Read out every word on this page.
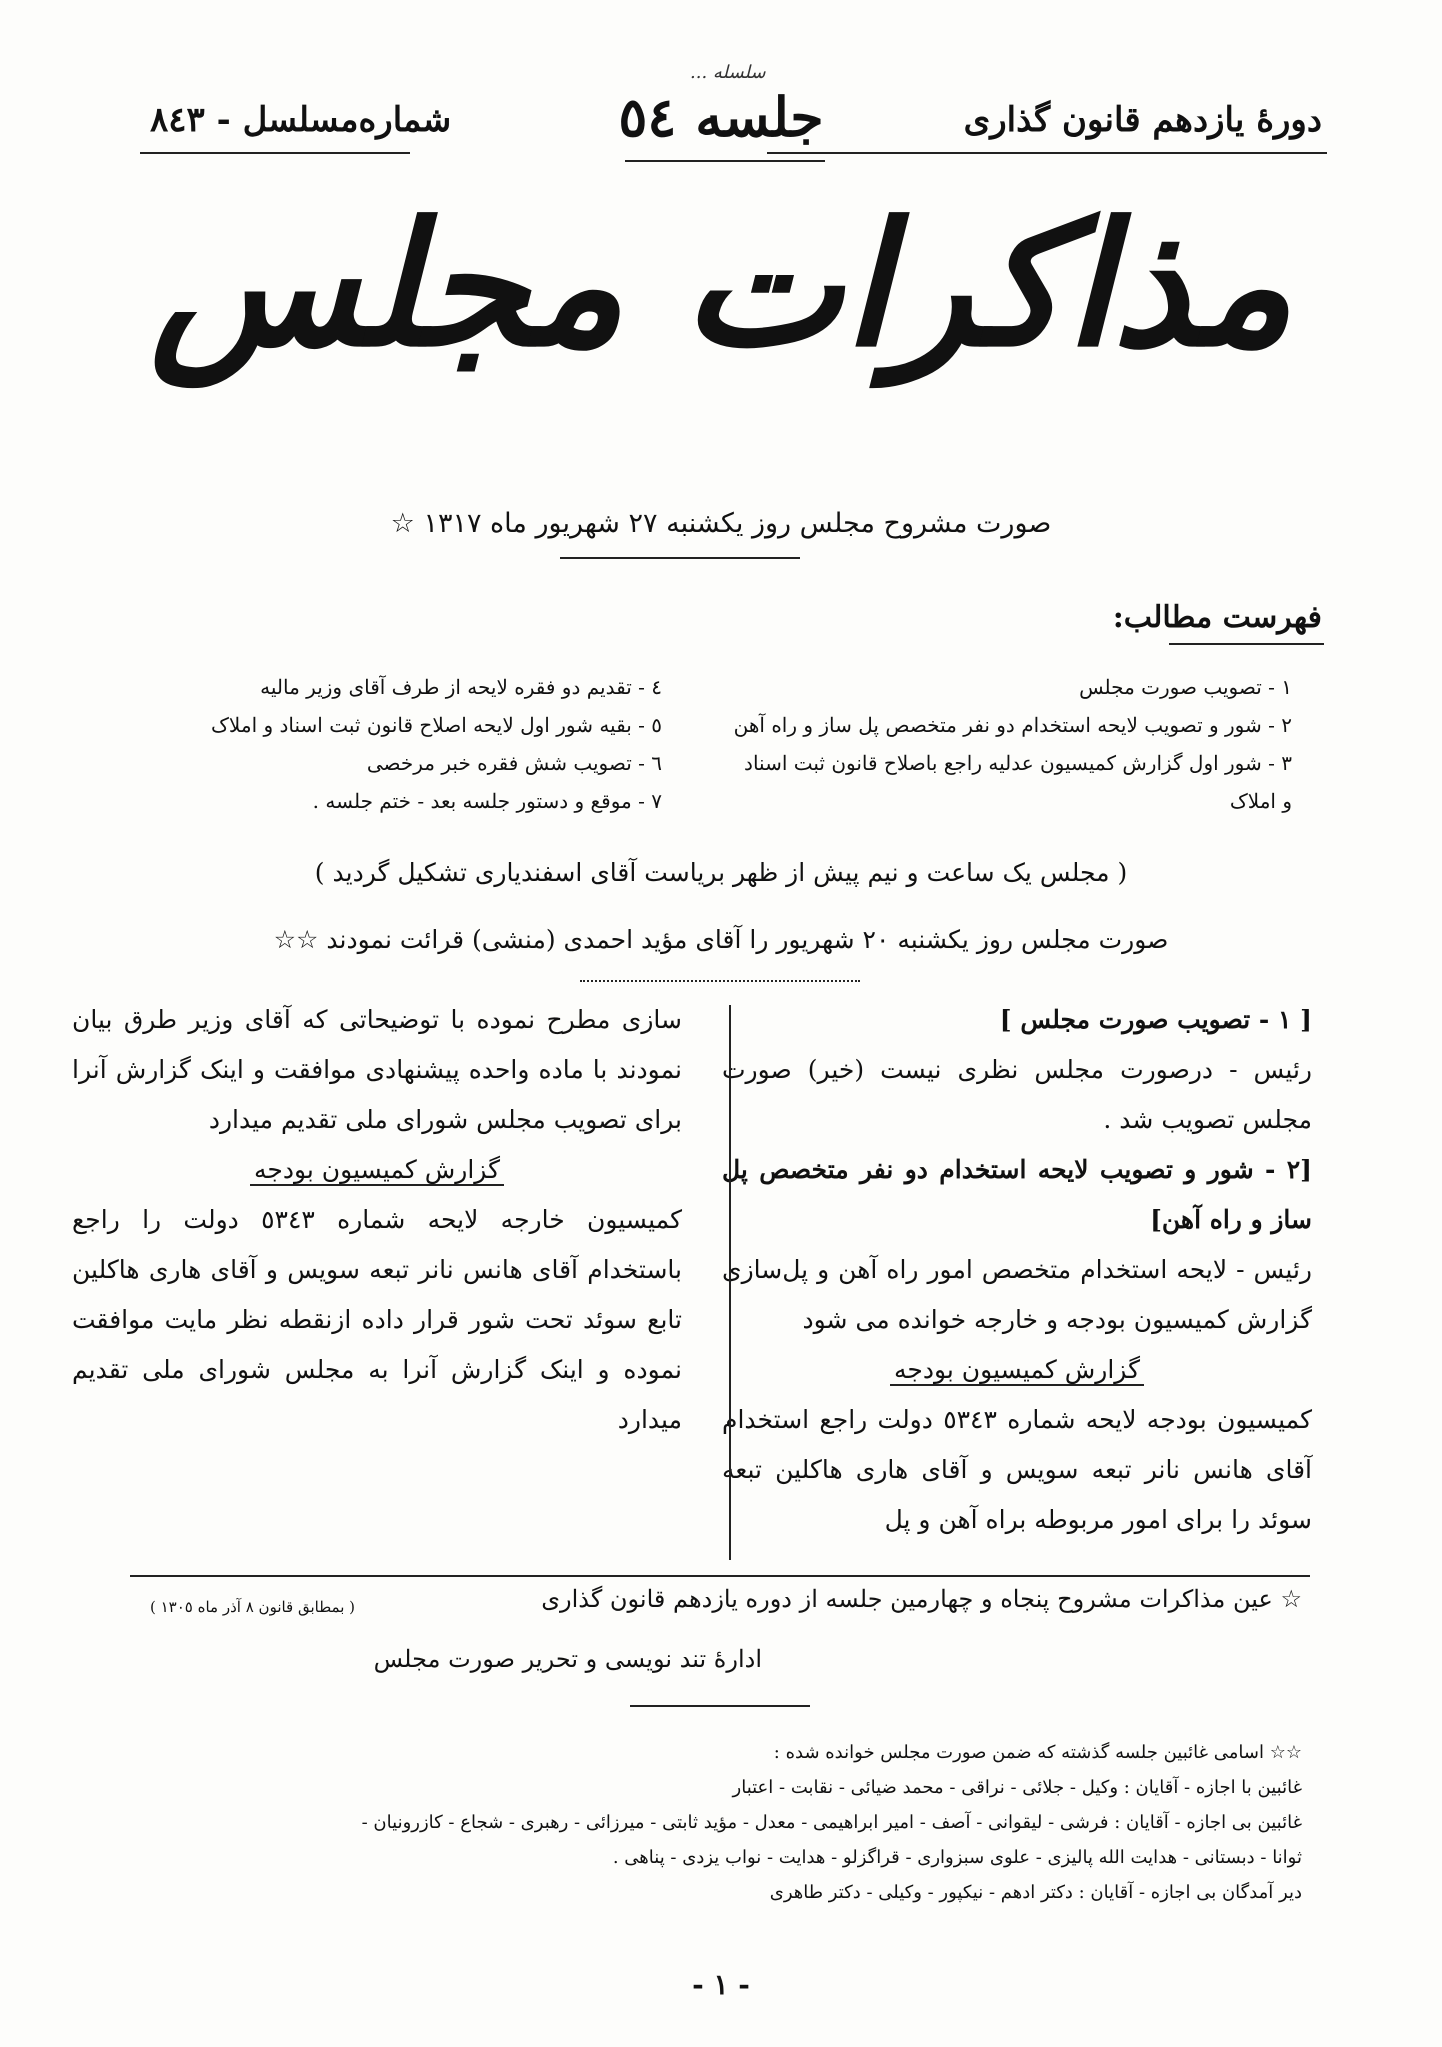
دورهٔ یازدهم قانون گذاری
جلسه ٥٤
سلسله ...
شماره‌مسلسل - ٨٤٣
مذاکرات مجلس
صورت مشروح مجلس روز یکشنبه ٢٧ شهریور ماه ١٣١٧ ☆
فهرست مطالب:
١ - تصویب صورت مجلس
٢ - شور و تصویب لایحه استخدام دو نفر متخصص پل ساز و راه آهن
٣ - شور اول گزارش کمیسیون عدلیه راجع باصلاح قانون ثبت اسناد
و املاک
٤ - تقدیم دو فقره لایحه از طرف آقای وزیر مالیه
٥ - بقیه شور اول لایحه اصلاح قانون ثبت اسناد و املاک
٦ - تصویب شش فقره خبر مرخصی
٧ - موقع و دستور جلسه بعد - ختم جلسه .
( مجلس یک ساعت و نیم پیش از ظهر بریاست آقای اسفندیاری تشکیل گردید )
صورت مجلس روز یکشنبه ٢٠ شهریور را آقای مؤید احمدی (منشی) قرائت نمودند ☆☆

[ ١ - تصویب صورت مجلس ]

رئیس - درصورت مجلس نظری نیست (خیر) صورت مجلس تصویب شد .

[٢ - شور و تصویب لایحه استخدام دو نفر متخصص پل ساز و راه آهن]

رئیس - لایحه استخدام متخصص امور راه آهن و پل‌سازی گزارش کمیسیون بودجه و خارجه خوانده می شود

گزارش کمیسیون بودجه

کمیسیون بودجه لایحه شماره ٥٣٤٣ دولت راجع استخدام آقای هانس نانر تبعه سویس و آقای هاری هاکلین تبعه سوئد را برای امور مربوطه براه آهن و پل

سازی مطرح نموده با توضیحاتی که آقای وزیر طرق بیان نمودند با ماده واحده پیشنهادی موافقت و اینک گزارش آنرا برای تصویب مجلس شورای ملی تقدیم میدارد

گزارش کمیسیون بودجه

کمیسیون خارجه لایحه شماره ٥٣٤٣ دولت را راجع باستخدام آقای هانس نانر تبعه سویس و آقای هاری هاکلین تابع سوئد تحت شور قرار داده ازنقطه نظر مایت موافقت نموده و اینک گزارش آنرا به مجلس شورای ملی تقدیم میدارد

☆ عین مذاکرات مشروح پنجاه و چهارمین جلسه از دوره یازدهم قانون گذاری
( بمطابق قانون ٨ آذر ماه ١٣٠٥ )
ادارهٔ تند نویسی و تحریر صورت مجلس

☆☆ اسامی غائبین جلسه گذشته که ضمن صورت مجلس خوانده شده :

غائبین با اجازه - آقایان : وکیل - جلائی - نراقی - محمد ضیائی - نقابت - اعتبار

غائبین بی اجازه - آقایان : فرشی - لیقوانی - آصف - امیر ابراهیمی - معدل - مؤید ثابتی - میرزائی - رهبری - شجاع - کازرونیان -

ثوانا - دبستانی - هدایت الله پالیزی - علوی سبزواری - قراگزلو - هدایت - نواب یزدی - پناهی .

دیر آمدگان بی اجازه - آقایان : دکتر ادهم - نیکپور - وکیلی - دکتر طاهری

- ١ -
